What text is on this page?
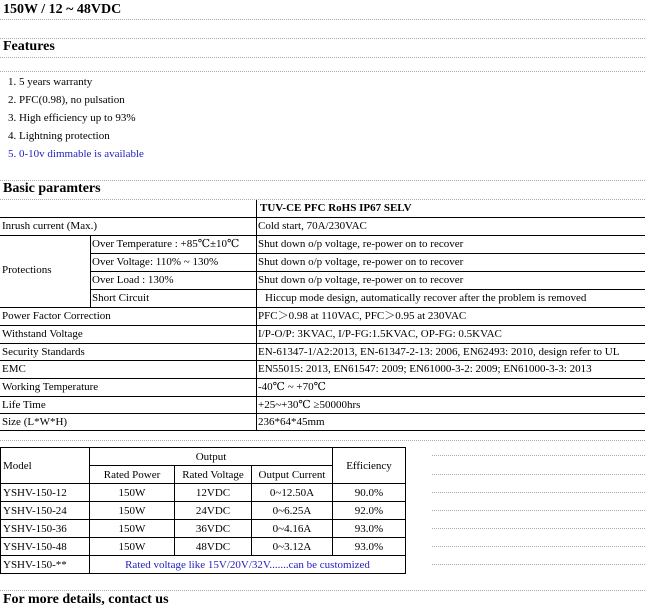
150W / 12 ~ 48VDC
Features
1. 5 years warranty
2. PFC(0.98), no pulsation
3. High efficiency up to 93%
4. Lightning protection
5. 0-10v dimmable is available
Basic paramters
TUV-CE PFC RoHS IP67 SELV
Inrush current (Max.)	Cold start, 70A/230VAC
Protections
Over Temperature : +85℃±10℃	Shut down o/p voltage, re-power on to recover
Over Voltage: 110% ~ 130%	Shut down o/p voltage, re-power on to recover
Over Load : 130%	Shut down o/p voltage, re-power on to recover
Short Circuit	Hiccup mode design, automatically recover after the problem is removed
Power Factor Correction	PFC＞0.98 at 110VAC, PFC＞0.95 at 230VAC
Withstand Voltage	I/P-O/P: 3KVAC, I/P-FG:1.5KVAC, OP-FG: 0.5KVAC
Security Standards	EN-61347-1/A2:2013, EN-61347-2-13: 2006, EN62493: 2010, design refer to UL
EMC	EN55015: 2013, EN61547: 2009; EN61000-3-2: 2009; EN61000-3-3: 2013
Working Temperature	-40℃ ~ +70℃
Life Time	+25~+30℃ ≥50000hrs
Size (L*W*H)	236*64*45mm
Model	Output			Efficiency
	Rated Power	Rated Voltage	Output Current	
YSHV-150-12	150W	12VDC	0~12.50A	90.0%
YSHV-150-24	150W	24VDC	0~6.25A	92.0%
YSHV-150-36	150W	36VDC	0~4.16A	93.0%
YSHV-150-48	150W	48VDC	0~3.12A	93.0%
YSHV-150-**	Rated voltage like 15V/20V/32V.......can be customized			
For more details, contact us
